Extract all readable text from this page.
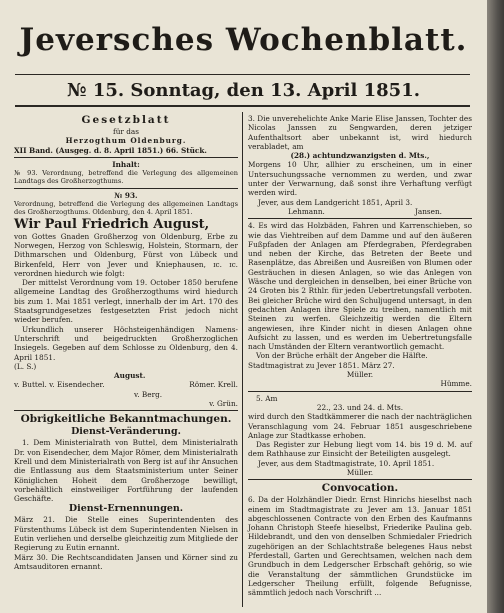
Jeversches Wochenblatt.
№ 15. Sonntag, den 13. April 1851.
Gesetzblatt
für das
Herzogthum Oldenburg.
XII Band. (Ausgeg. d. 8. April 1851.) 66. Stück.
Inhalt:
№ 93. Verordnung, betreffend die Verlegung des allgemeinen Landtags des Großherzogthums.
№ 93.
Verordnung, betreffend die Verlegung des allgemeinen Landtags des Großherzogthums. Oldenburg, den 4. April 1851.
Wir Paul Friedrich August,
von Gottes Gnaden Großherzog von Oldenburg, Erbe zu Norwegen, Herzog von Schleswig, Holstein, Stormarn, der Dithmarschen und Oldenburg, Fürst von Lübeck und Birkenfeld, Herr von Jever und Kniephausen, ɪc. ɪc. verordnen hiedurch wie folgt:
Der mittelst Verordnung vom 19. October 1850 berufene allgemeine Landtag des Großherzogthums wird hiedurch bis zum 1. Mai 1851 verlegt, innerhalb der im Art. 170 des Staatsgrundgesetzes festgesetzten Frist jedoch nicht wieder berufen.
Urkundlich unserer Höchsteigenhändigen Namens-Unterschrift und beigedruckten Großherzoglichen Insiegels. Gegeben auf dem Schlosse zu Oldenburg, den 4. April 1851.
(L. S.)
August.
v. Buttel. v. Eisendecher.	Römer. Krell.
v. Berg.
v. Grün.
Obrigkeitliche Bekanntmachungen.
Dienst-Veränderung.
1. Dem Ministerialrath von Buttel, dem Ministerialrath Dr. von Eisendecher, dem Major Römer, dem Ministerialrath Krell und dem Ministerialrath von Berg ist auf ihr Ansuchen die Entlassung aus dem Staatsministerium unter Seiner Königlichen Hoheit dem Großherzoge bewilligt, vorbehältlich einstweiliger Fortführung der laufenden Geschäfte.
Dienst-Ernennungen.
März 21. Die Stelle eines Superintendenten des Fürstenthums Lübeck ist dem Superintendenten Nielsen in Eutin verliehen und derselbe gleichzeitig zum Mitgliede der Regierung zu Eutin ernannt.
März 30. Die Rechtscandidaten Jansen und Körner sind zu Amtsauditoren ernannt.
3. Die unverehelichte Anke Marie Elise Janssen, Tochter des Nicolas Janssen zu Sengwarden, deren jetziger Aufenthaltsort aber unbekannt ist, wird hiedurch verabladet, am
(28.) achtundzwanzigsten d. Mts.,
Morgens 10 Uhr, allhier zu erscheinen, um in einer Untersuchungssache vernommen zu werden, und zwar unter der Verwarnung, daß sonst ihre Verhaftung verfügt werden wird.
Jever, aus dem Landgericht 1851, April 3.
Lehmann.	Jansen.
4. Es wird das Holzbäden, Fahren und Karrenschieben, so wie das Viehtreiben auf dem Damme und auf den äußeren Fußpfaden der Anlagen am Pferdegraben, Pferdegraben und neben der Kirche, das Betreten der Beete und Rasenplätze, das Abreißen und Ausreißen von Blumen oder Gesträuchen in diesen Anlagen, so wie das Anlegen von Wäsche und dergleichen in denselben, bei einer Brüche von 24 Groten bis 2 Rthlr. für jeden Uebertretungsfall verboten. Bei gleicher Brüche wird den Schuljugend untersagt, in den gedachten Anlagen ihre Spiele zu treiben, namentlich mit Steinen zu werfen. Gleichzeitig werden die Eltern angewiesen, ihre Kinder nicht in diesen Anlagen ohne Aufsicht zu lassen, und es werden im Uebertretungsfalle nach Umständen der Eltern verantwortlich gemacht.
Von der Brüche erhält der Angeber die Hälfte.
Stadtmagistrat zu Jever 1851. März 27.
Müller.
Hümme.
5. Am
22., 23. und 24. d. Mts.
wird durch den Stadtkämmerer die nach der nachträglichen Veranschlagung vom 24. Februar 1851 ausgeschriebene Anlage zur Stadtkasse erhoben.
Das Register zur Hebung liegt vom 14. bis 19 d. M. auf dem Rathhause zur Einsicht der Beteiligten ausgelegt.
Jever, aus dem Stadtmagistrate, 10. April 1851.
Müller.
Convocation.
6. Da der Holzhändler Diedr. Ernst Hinrichs hieselbst nach einem im Stadtmagistrate zu Jever am 13. Januar 1851 abgeschlossenen Contracte von den Erben des Kaufmanns Johann Christoph Steefe hieselbst, Friederike Paulina geb. Hildebrandt, und den von denselben Schmiedaler Friedrich zugehörigen an der Schlachtstraße belegenes Haus nebst Pferdestall, Garten und Gerechtsamen, welchen nach dem Grundbuch in dem Ledgerscher Erbschaft gehörig, so wie die Veranstaltung der sämmtlichen Grundstücke im Ledgerscher Theilung erfüllt, folgende Befugnisse, sämmtlich jedoch nach Vorschrift ...
